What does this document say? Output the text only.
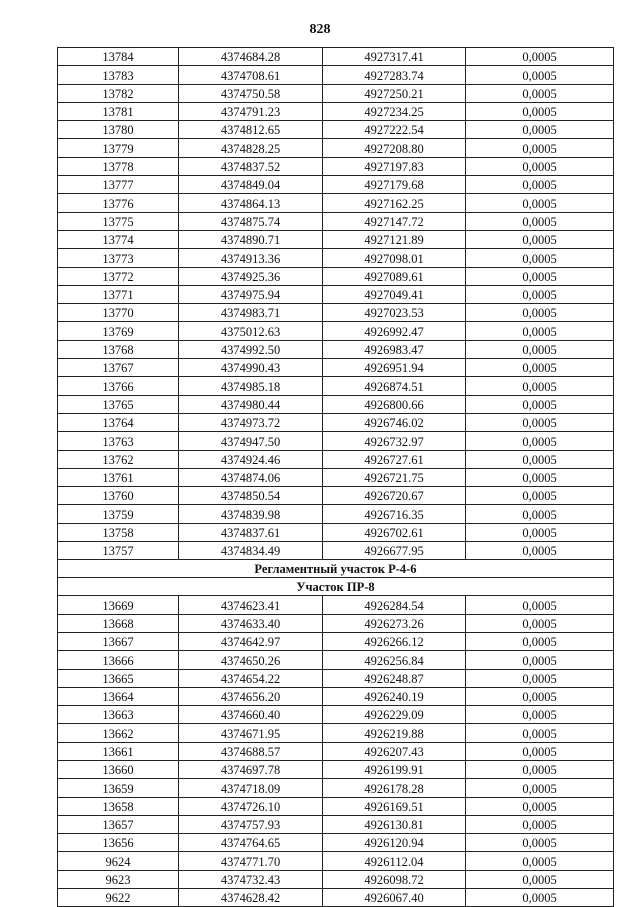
828
13784	4374684.28	4927317.41	0,0005
13783	4374708.61	4927283.74	0,0005
13782	4374750.58	4927250.21	0,0005
13781	4374791.23	4927234.25	0,0005
13780	4374812.65	4927222.54	0,0005
13779	4374828.25	4927208.80	0,0005
13778	4374837.52	4927197.83	0,0005
13777	4374849.04	4927179.68	0,0005
13776	4374864.13	4927162.25	0,0005
13775	4374875.74	4927147.72	0,0005
13774	4374890.71	4927121.89	0,0005
13773	4374913.36	4927098.01	0,0005
13772	4374925.36	4927089.61	0,0005
13771	4374975.94	4927049.41	0,0005
13770	4374983.71	4927023.53	0,0005
13769	4375012.63	4926992.47	0,0005
13768	4374992.50	4926983.47	0,0005
13767	4374990.43	4926951.94	0,0005
13766	4374985.18	4926874.51	0,0005
13765	4374980.44	4926800.66	0,0005
13764	4374973.72	4926746.02	0,0005
13763	4374947.50	4926732.97	0,0005
13762	4374924.46	4926727.61	0,0005
13761	4374874.06	4926721.75	0,0005
13760	4374850.54	4926720.67	0,0005
13759	4374839.98	4926716.35	0,0005
13758	4374837.61	4926702.61	0,0005
13757	4374834.49	4926677.95	0,0005
Регламентный участок Р-4-6			
Участок ПР-8			
13669	4374623.41	4926284.54	0,0005
13668	4374633.40	4926273.26	0,0005
13667	4374642.97	4926266.12	0,0005
13666	4374650.26	4926256.84	0,0005
13665	4374654.22	4926248.87	0,0005
13664	4374656.20	4926240.19	0,0005
13663	4374660.40	4926229.09	0,0005
13662	4374671.95	4926219.88	0,0005
13661	4374688.57	4926207.43	0,0005
13660	4374697.78	4926199.91	0,0005
13659	4374718.09	4926178.28	0,0005
13658	4374726.10	4926169.51	0,0005
13657	4374757.93	4926130.81	0,0005
13656	4374764.65	4926120.94	0,0005
9624	4374771.70	4926112.04	0,0005
9623	4374732.43	4926098.72	0,0005
9622	4374628.42	4926067.40	0,0005
